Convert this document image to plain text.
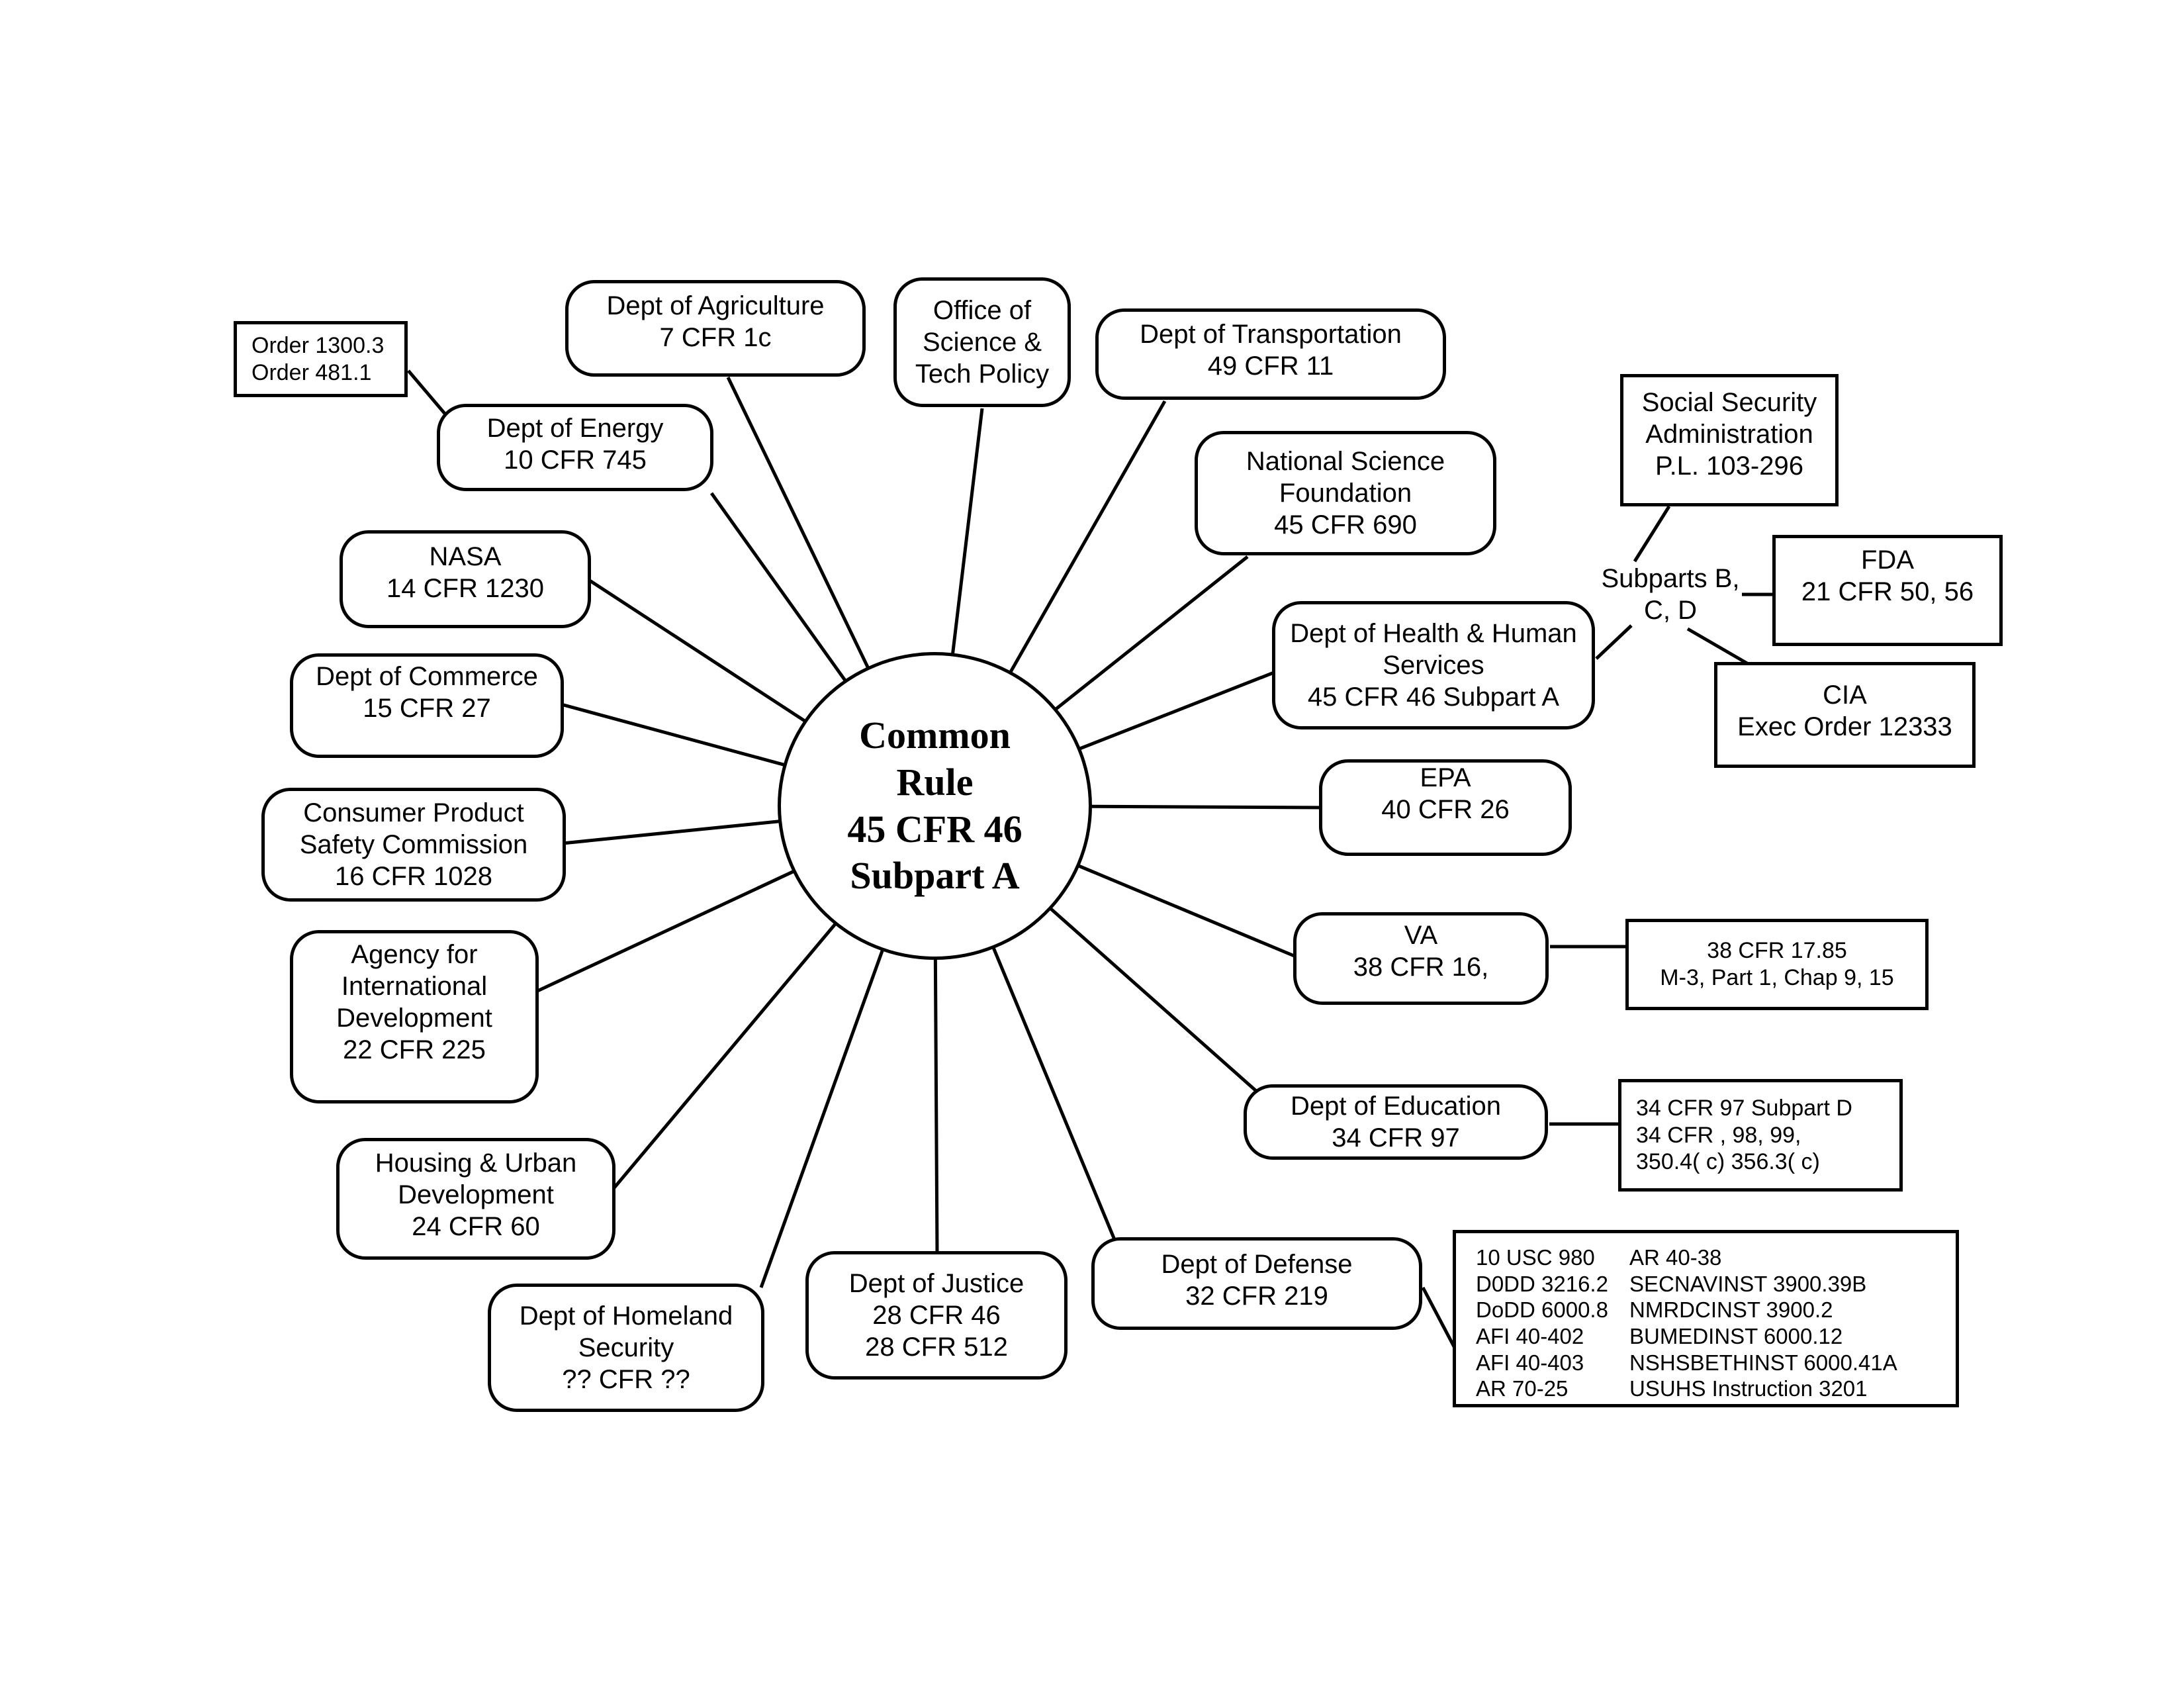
Common
Rule
45 CFR 46
Subpart A
Order 1300.3
Order 481.1
Dept of Energy
10 CFR 745
Dept of Agriculture
7 CFR 1c
Office of
Science &
Tech Policy
Dept of Transportation
49 CFR 11
National Science
Foundation
45 CFR 690
Social Security
Administration
P.L. 103-296
Subparts B,
C, D
FDA
21 CFR 50, 56
Dept of Health & Human
Services
45 CFR 46 Subpart A	CIA
Exec Order 12333
EPA
40 CFR 26
NASA
14 CFR 1230
Dept of Commerce
15 CFR 27
Consumer Product
Safety Commission
16 CFR 1028
Agency for
International
Development
22 CFR 225
Housing & Urban
Development
24 CFR 60
VA
38 CFR 16,
38 CFR 17.85
M-3, Part 1, Chap 9, 15
Dept of Education
34 CFR 97
34 CFR 97 Subpart D
34 CFR , 98, 99,
350.4( c) 356.3( c)
Dept of Homeland
Security
?? CFR ??
Dept of Justice
28 CFR 46
28 CFR 512
Dept of Defense
32 CFR 219
10 USC 980
D0DD 3216.2
DoDD 6000.8
AFI 40-402
AFI 40-403
AR 70-25
AR 40-38
SECNAVINST 3900.39B
NMRDCINST 3900.2
BUMEDINST 6000.12
NSHSBETHINST 6000.41A
USUHS Instruction 3201
